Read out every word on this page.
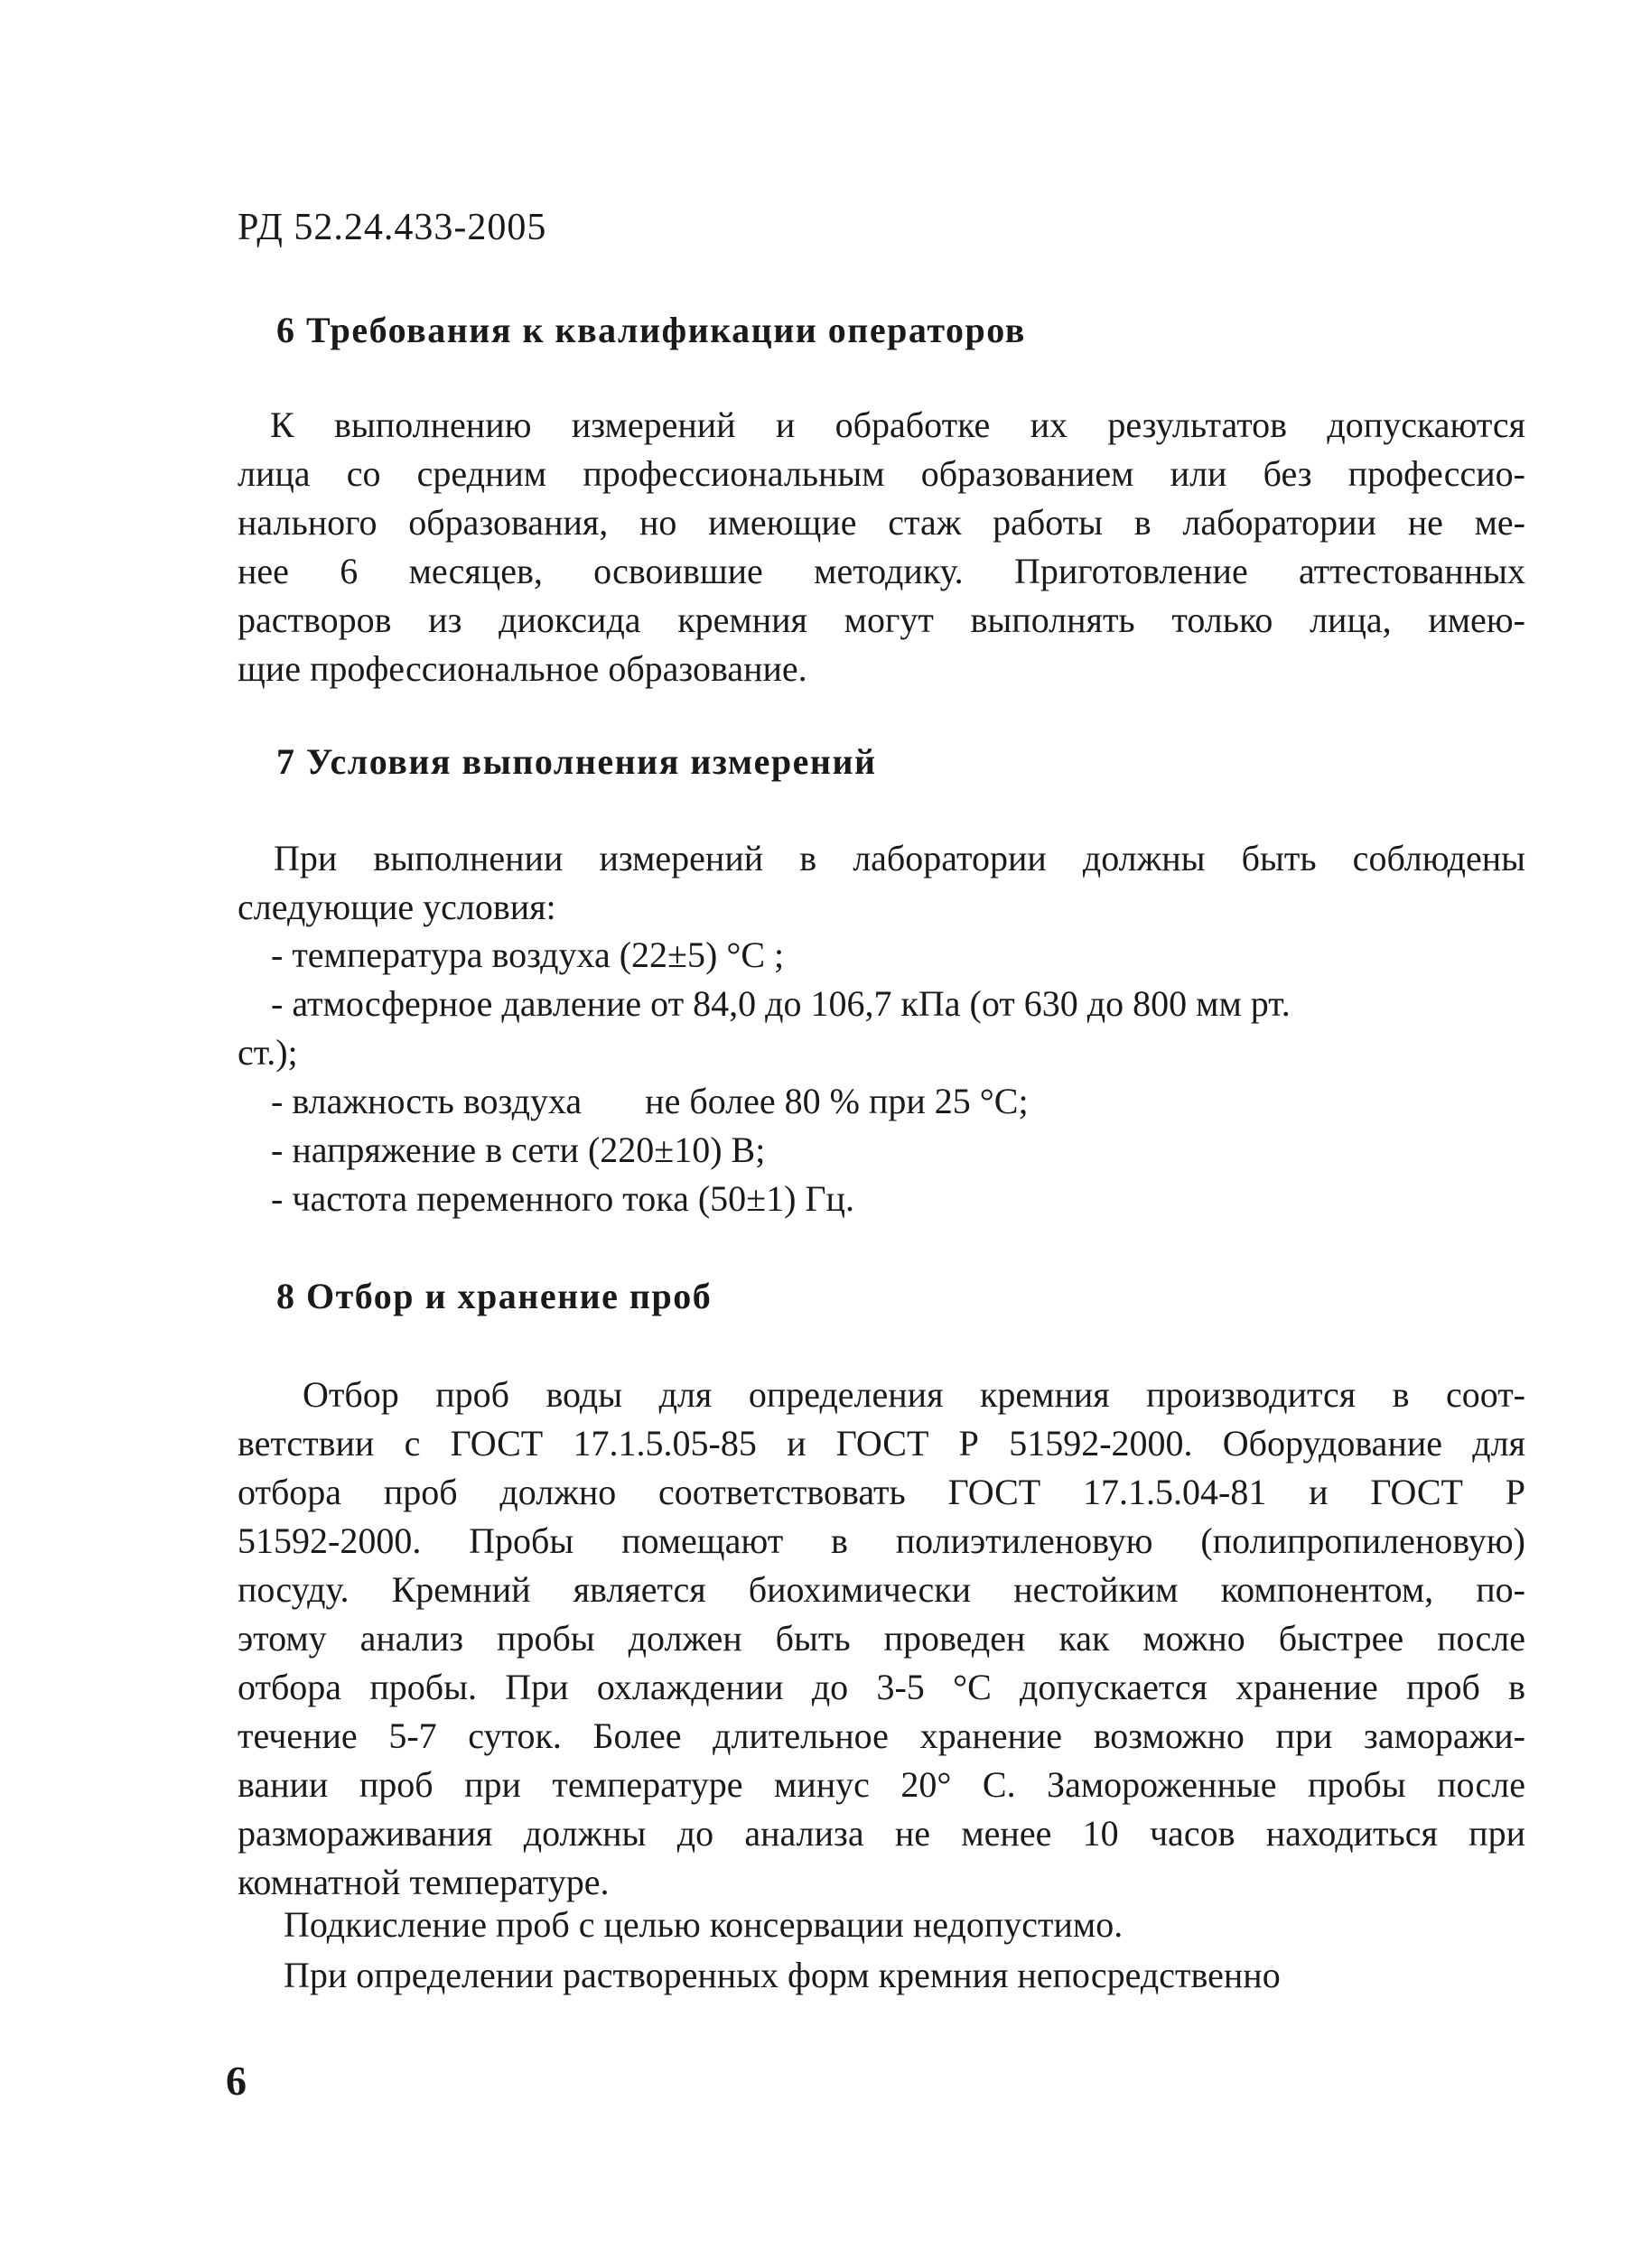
РД 52.24.433-2005
6 Требования к квалификации операторов
К выполнению измерений и обработке их результатов допускаются
лица со средним профессиональным образованием или без профессио-
нального образования, но имеющие стаж работы в лаборатории не ме-
нее 6 месяцев, освоившие методику. Приготовление аттестованных
растворов из диоксида кремния могут выполнять только лица, имею-
щие профессиональное образование.
7 Условия выполнения измерений
При выполнении измерений в лаборатории должны быть соблюдены
следующие условия:
- температура воздуха (22±5) °С ;
- атмосферное давление от 84,0 до 106,7 кПа (от 630 до 800 мм рт.
ст.);
- влажность воздуха       не более 80 % при 25 °С;
- напряжение в сети (220±10) В;
- частота переменного тока (50±1) Гц.
8 Отбор и хранение проб
Отбор проб воды для определения кремния производится в соот-
ветствии с ГОСТ 17.1.5.05-85 и ГОСТ Р 51592-2000. Оборудование для
отбора проб должно соответствовать ГОСТ 17.1.5.04-81 и ГОСТ Р
51592-2000. Пробы помещают в полиэтиленовую (полипропиленовую)
посуду. Кремний является биохимически нестойким компонентом, по-
этому анализ пробы должен быть проведен как можно быстрее после
отбора пробы. При охлаждении до 3-5 °С допускается хранение проб в
течение 5-7 суток. Более длительное хранение возможно при заморажи-
вании проб при температуре минус 20° С. Замороженные пробы после
размораживания должны до анализа не менее 10 часов находиться при
комнатной температуре.
Подкисление проб с целью консервации недопустимо.
При определении растворенных форм кремния непосредственно
6
